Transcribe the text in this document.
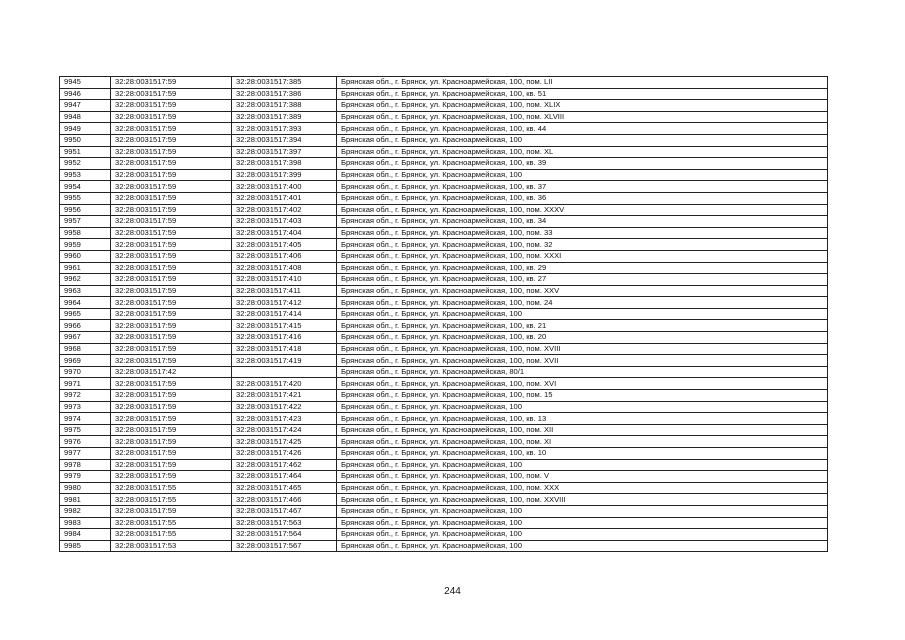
9945	32:28:0031517:59	32:28:0031517:385	Брянская обл., г. Брянск, ул. Красноармейская, 100, пом. LII
9946	32:28:0031517:59	32:28:0031517:386	Брянская обл., г. Брянск, ул. Красноармейская, 100, кв. 51
9947	32:28:0031517:59	32:28:0031517:388	Брянская обл., г. Брянск, ул. Красноармейская, 100, пом. XLIX
9948	32:28:0031517:59	32:28:0031517:389	Брянская обл., г. Брянск, ул. Красноармейская, 100, пом. XLVIII
9949	32:28:0031517:59	32:28:0031517:393	Брянская обл., г. Брянск, ул. Красноармейская, 100, кв. 44
9950	32:28:0031517:59	32:28:0031517:394	Брянская обл., г. Брянск, ул. Красноармейская, 100
9951	32:28:0031517:59	32:28:0031517:397	Брянская обл., г. Брянск, ул. Красноармейская, 100, пом. XL
9952	32:28:0031517:59	32:28:0031517:398	Брянская обл., г. Брянск, ул. Красноармейская, 100, кв. 39
9953	32:28:0031517:59	32:28:0031517:399	Брянская обл., г. Брянск, ул. Красноармейская, 100
9954	32:28:0031517:59	32:28:0031517:400	Брянская обл., г. Брянск, ул. Красноармейская, 100, кв. 37
9955	32:28:0031517:59	32:28:0031517:401	Брянская обл., г. Брянск, ул. Красноармейская, 100, кв. 36
9956	32:28:0031517:59	32:28:0031517:402	Брянская обл., г. Брянск, ул. Красноармейская, 100, пом. XXXV
9957	32:28:0031517:59	32:28:0031517:403	Брянская обл., г. Брянск, ул. Красноармейская, 100, кв. 34
9958	32:28:0031517:59	32:28:0031517:404	Брянская обл., г. Брянск, ул. Красноармейская, 100, пом. 33
9959	32:28:0031517:59	32:28:0031517:405	Брянская обл., г. Брянск, ул. Красноармейская, 100, пом. 32
9960	32:28:0031517:59	32:28:0031517:406	Брянская обл., г. Брянск, ул. Красноармейская, 100, пом. XXXI
9961	32:28:0031517:59	32:28:0031517:408	Брянская обл., г. Брянск, ул. Красноармейская, 100, кв. 29
9962	32:28:0031517:59	32:28:0031517:410	Брянская обл., г. Брянск, ул. Красноармейская, 100, кв. 27
9963	32:28:0031517:59	32:28:0031517:411	Брянская обл., г. Брянск, ул. Красноармейская, 100, пом. XXV
9964	32:28:0031517:59	32:28:0031517:412	Брянская обл., г. Брянск, ул. Красноармейская, 100, пом. 24
9965	32:28:0031517:59	32:28:0031517:414	Брянская обл., г. Брянск, ул. Красноармейская, 100
9966	32:28:0031517:59	32:28:0031517:415	Брянская обл., г. Брянск, ул. Красноармейская, 100, кв. 21
9967	32:28:0031517:59	32:28:0031517:416	Брянская обл., г. Брянск, ул. Красноармейская, 100, кв. 20
9968	32:28:0031517:59	32:28:0031517:418	Брянская обл., г. Брянск, ул. Красноармейская, 100, пом. XVIII
9969	32:28:0031517:59	32:28:0031517:419	Брянская обл., г. Брянск, ул. Красноармейская, 100, пом. XVII
9970	32:28:0031517:42		Брянская обл., г. Брянск, ул. Красноармейская, 80/1
9971	32:28:0031517:59	32:28:0031517:420	Брянская обл., г. Брянск, ул. Красноармейская, 100, пом. XVI
9972	32:28:0031517:59	32:28:0031517:421	Брянская обл., г. Брянск, ул. Красноармейская, 100, пом. 15
9973	32:28:0031517:59	32:28:0031517:422	Брянская обл., г. Брянск, ул. Красноармейская, 100
9974	32:28:0031517:59	32:28:0031517:423	Брянская обл., г. Брянск, ул. Красноармейская, 100, кв. 13
9975	32:28:0031517:59	32:28:0031517:424	Брянская обл., г. Брянск, ул. Красноармейская, 100, пом. XII
9976	32:28:0031517:59	32:28:0031517:425	Брянская обл., г. Брянск, ул. Красноармейская, 100, пом. XI
9977	32:28:0031517:59	32:28:0031517:426	Брянская обл., г. Брянск, ул. Красноармейская, 100, кв. 10
9978	32:28:0031517:59	32:28:0031517:462	Брянская обл., г. Брянск, ул. Красноармейская, 100
9979	32:28:0031517:59	32:28:0031517:464	Брянская обл., г. Брянск, ул. Красноармейская, 100, пом. V
9980	32:28:0031517:55	32:28:0031517:465	Брянская обл., г. Брянск, ул. Красноармейская, 100, пом. XXX
9981	32:28:0031517:55	32:28:0031517:466	Брянская обл., г. Брянск, ул. Красноармейская, 100, пом. XXVIII
9982	32:28:0031517:59	32:28:0031517:467	Брянская обл., г. Брянск, ул. Красноармейская, 100
9983	32:28:0031517:55	32:28:0031517:563	Брянская обл., г. Брянск, ул. Красноармейская, 100
9984	32:28:0031517:55	32:28:0031517:564	Брянская обл., г. Брянск, ул. Красноармейская, 100
9985	32:28:0031517:53	32:28:0031517:567	Брянская обл., г. Брянск, ул. Красноармейская, 100
244
